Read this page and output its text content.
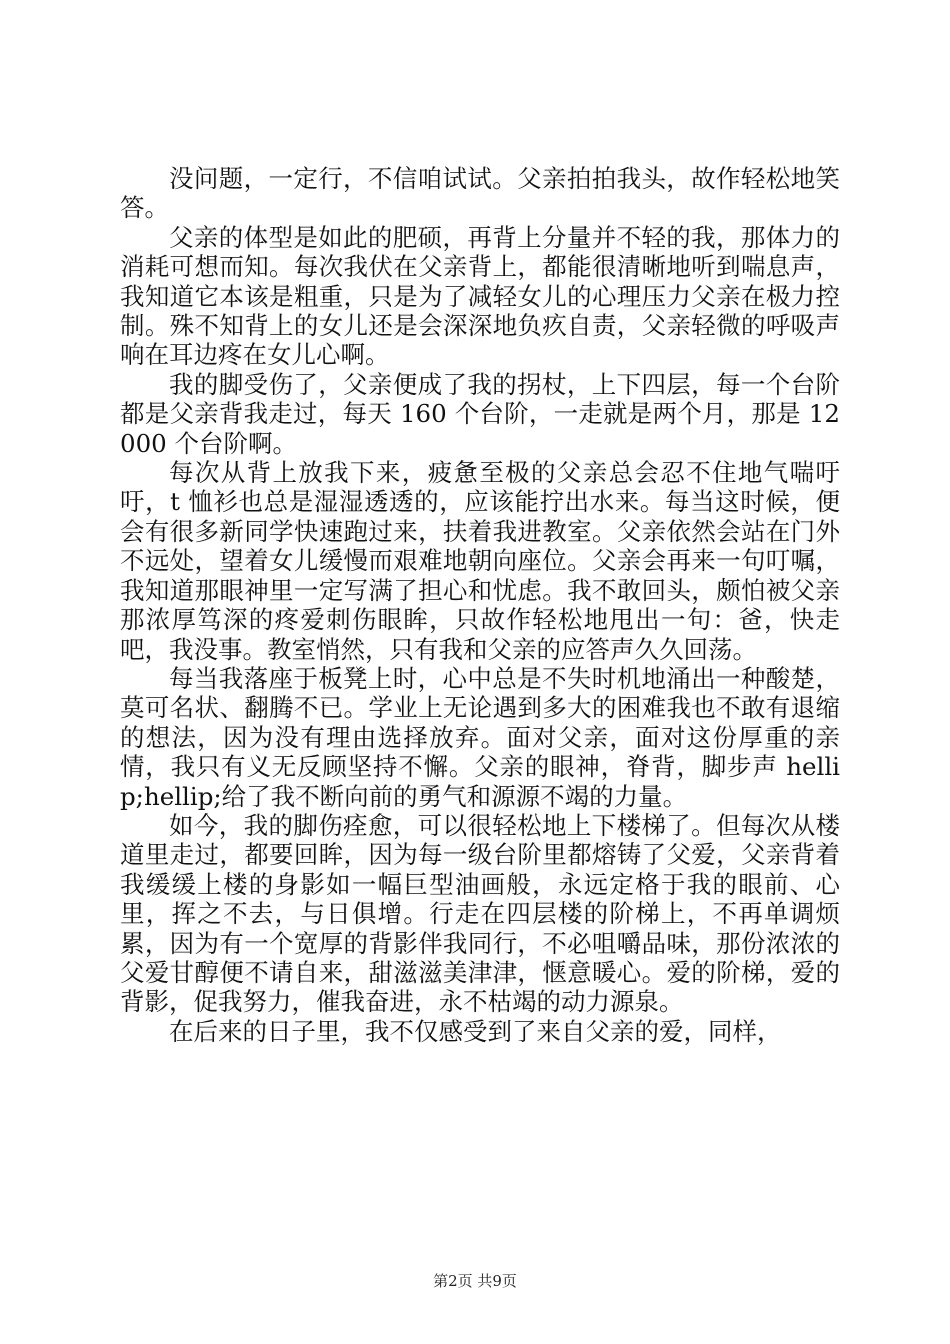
没问题，一定行，不信咱试试。父亲拍拍我头，故作轻松地笑答。

父亲的体型是如此的肥硕，再背上分量并不轻的我，那体力的消耗可想而知。每次我伏在父亲背上，都能很清晰地听到喘息声，我知道它本该是粗重，只是为了减轻女儿的心理压力父亲在极力控制。殊不知背上的女儿还是会深深地负疚自责，父亲轻微的呼吸声响在耳边疼在女儿心啊。

我的脚受伤了，父亲便成了我的拐杖，上下四层，每一个台阶都是父亲背我走过，每天 160 个台阶，一走就是两个月，那是 12000 个台阶啊。

每次从背上放我下来，疲惫至极的父亲总会忍不住地气喘吁吁，t 恤衫也总是湿湿透透的，应该能拧出水来。每当这时候，便会有很多新同学快速跑过来，扶着我进教室。父亲依然会站在门外不远处，望着女儿缓慢而艰难地朝向座位。父亲会再来一句叮嘱，我知道那眼神里一定写满了担心和忧虑。我不敢回头，颇怕被父亲那浓厚笃深的疼爱刺伤眼眸，只故作轻松地甩出一句：爸，快走吧，我没事。教室悄然，只有我和父亲的应答声久久回荡。

每当我落座于板凳上时，心中总是不失时机地涌出一种酸楚，莫可名状、翻腾不已。学业上无论遇到多大的困难我也不敢有退缩的想法，因为没有理由选择放弃。面对父亲，面对这份厚重的亲情，我只有义无反顾坚持不懈。父亲的眼神，脊背，脚步声 hellip;hellip;给了我不断向前的勇气和源源不竭的力量。

如今，我的脚伤痊愈，可以很轻松地上下楼梯了。但每次从楼道里走过，都要回眸，因为每一级台阶里都熔铸了父爱，父亲背着我缓缓上楼的身影如一幅巨型油画般，永远定格于我的眼前、心里，挥之不去，与日俱增。行走在四层楼的阶梯上，不再单调烦累，因为有一个宽厚的背影伴我同行，不必咀嚼品味，那份浓浓的父爱甘醇便不请自来，甜滋滋美津津，惬意暖心。爱的阶梯，爱的背影，促我努力，催我奋进，永不枯竭的动力源泉。

在后来的日子里，我不仅感受到了来自父亲的爱，同样，

第2页 共9页
